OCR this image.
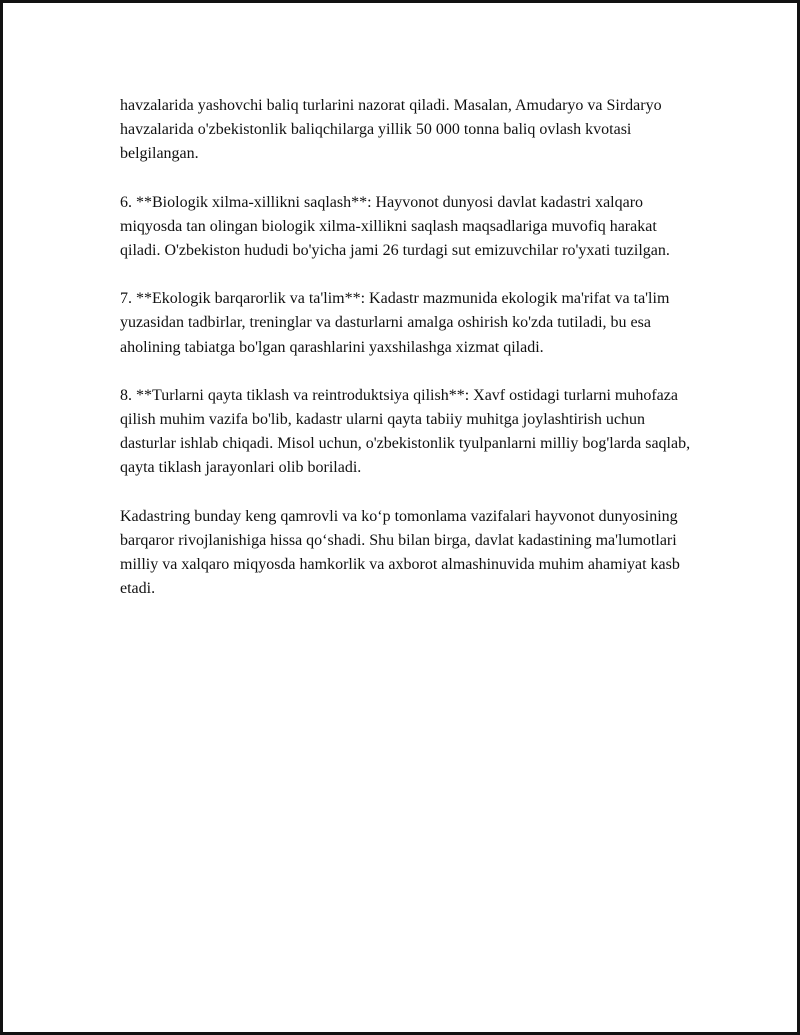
havzalarida yashovchi baliq turlarini nazorat qiladi. Masalan, Amudaryo va Sirdaryo havzalarida o'zbekistonlik baliqchilarga yillik 50 000 tonna baliq ovlash kvotasi belgilangan.

6. **Biologik xilma-xillikni saqlash**: Hayvonot dunyosi davlat kadastri xalqaro miqyosda tan olingan biologik xilma-xillikni saqlash maqsadlariga muvofiq harakat qiladi. O'zbekiston hududi bo'yicha jami 26 turdagi sut emizuvchilar ro'yxati tuzilgan.

7. **Ekologik barqarorlik va ta'lim**: Kadastr mazmunida ekologik ma'rifat va ta'lim yuzasidan tadbirlar, treninglar va dasturlarni amalga oshirish ko'zda tutiladi, bu esa aholining tabiatga bo'lgan qarashlarini yaxshilashga xizmat qiladi.

8. **Turlarni qayta tiklash va reintroduktsiya qilish**: Xavf ostidagi turlarni muhofaza qilish muhim vazifa bo'lib, kadastr ularni qayta tabiiy muhitga joylashtirish uchun dasturlar ishlab chiqadi. Misol uchun, o'zbekistonlik tyulpanlarni milliy bog'larda saqlab, qayta tiklash jarayonlari olib boriladi.

Kadastring bunday keng qamrovli va ko‘p tomonlama vazifalari hayvonot dunyosining barqaror rivojlanishiga hissa qo‘shadi. Shu bilan birga, davlat kadastining ma'lumotlari milliy va xalqaro miqyosda hamkorlik va axborot almashinuvida muhim ahamiyat kasb etadi.
